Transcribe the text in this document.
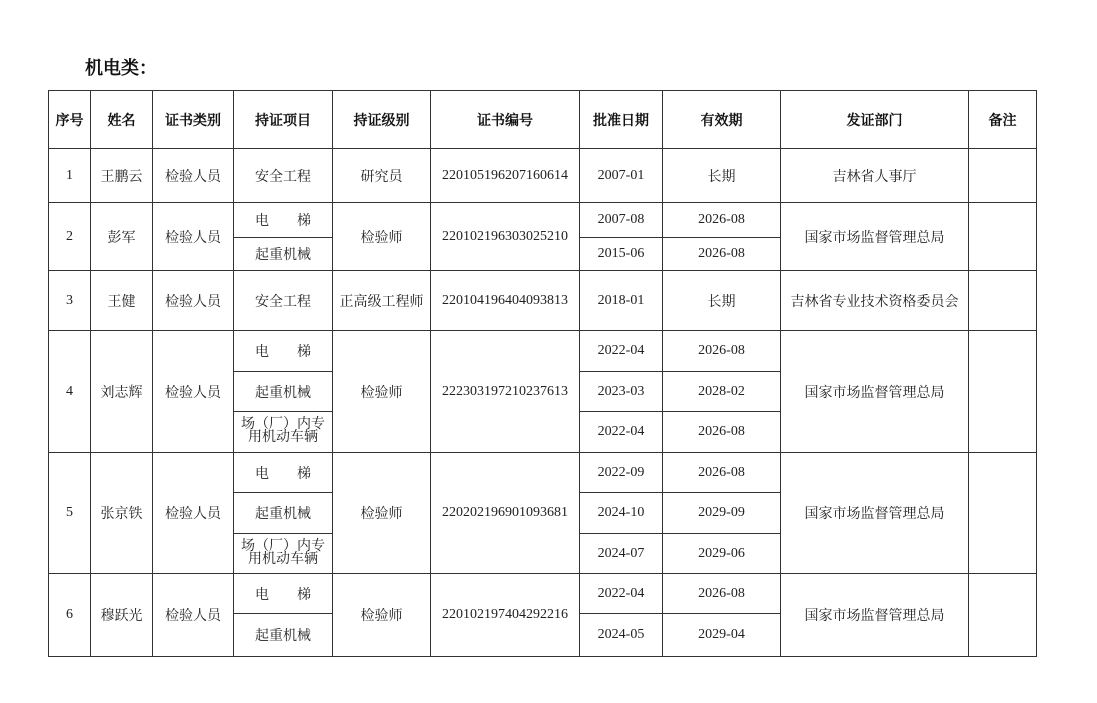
机电类：
序号	姓名	证书类别	持证项目	持证级别	证书编号	批准日期	有效期	发证部门	备注
1	王鹏云	检验人员	安全工程	研究员	220105196207160614	2007-01	长期	吉林省人事厅	
2	彭军	检验人员	电　　梯	检验师	220102196303025210	2007-08	2026-08	国家市场监督管理总局	
			起重机械			2015-06	2026-08		
3	王健	检验人员	安全工程	正高级工程师	220104196404093813	2018-01	长期	吉林省专业技术资格委员会	
4	刘志辉	检验人员	电　　梯	检验师	222303197210237613	2022-04	2026-08	国家市场监督管理总局	
			起重机械			2023-03	2028-02		
			场（厂）内专用机动车辆			2022-04	2026-08		
5	张京铁	检验人员	电　　梯	检验师	220202196901093681	2022-09	2026-08	国家市场监督管理总局	
			起重机械			2024-10	2029-09		
			场（厂）内专用机动车辆			2024-07	2029-06		
6	穆跃光	检验人员	电　　梯	检验师	220102197404292216	2022-04	2026-08	国家市场监督管理总局	
			起重机械			2024-05	2029-04		
